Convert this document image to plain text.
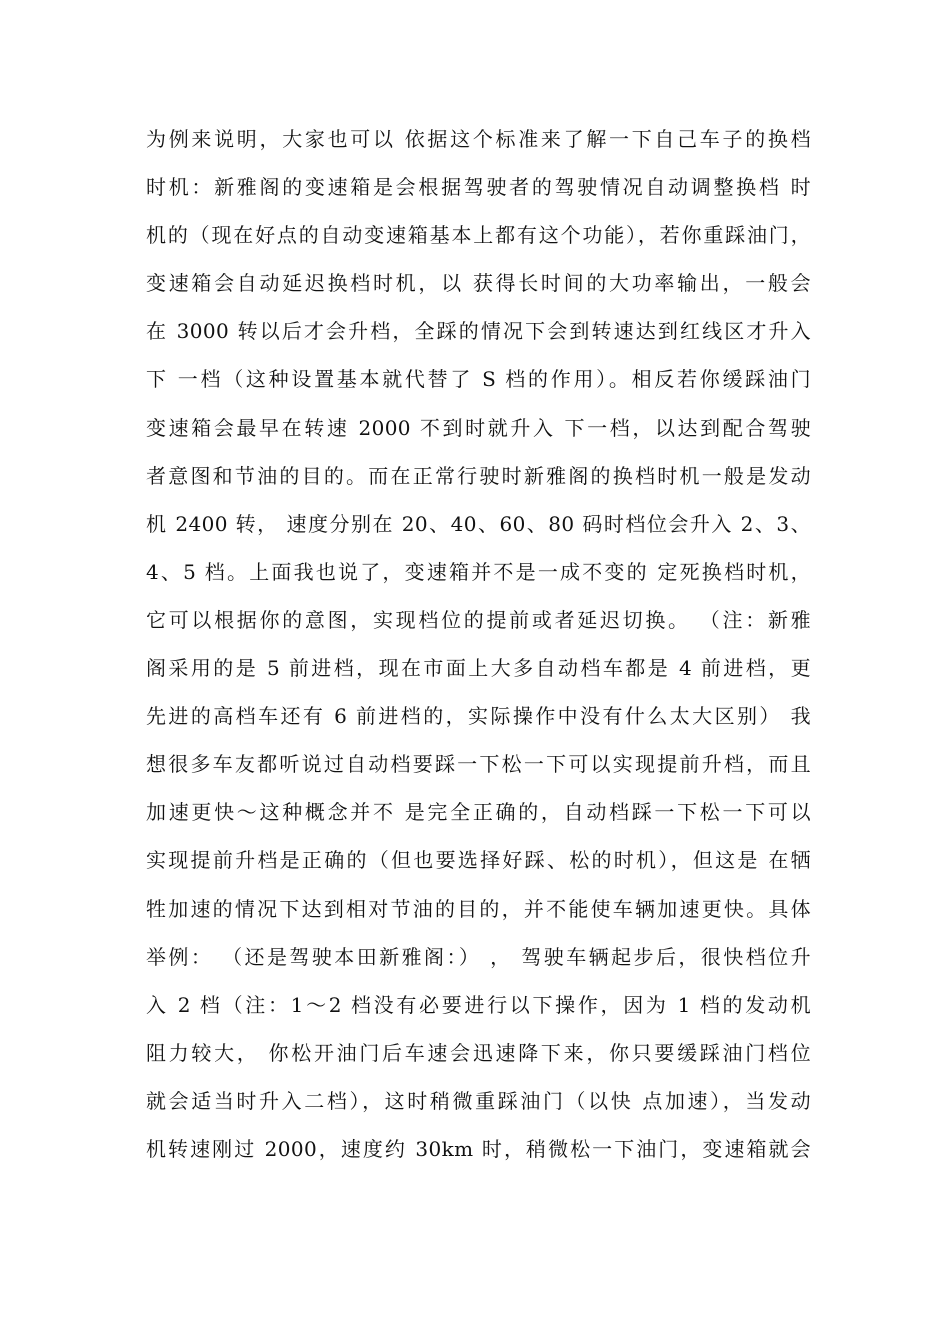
为例来说明，大家也可以 依据这个标准来了解一下自己车子的换档
时机：新雅阁的变速箱是会根据驾驶者的驾驶情况自动调整换档 时
机的（现在好点的自动变速箱基本上都有这个功能），若你重踩油门，
变速箱会自动延迟换档时机，以 获得长时间的大功率输出，一般会
在 3000 转以后才会升档，全踩的情况下会到转速达到红线区才升入
下 一档（这种设置基本就代替了 S 档的作用）。相反若你缓踩油门
变速箱会最早在转速 2000 不到时就升入 下一档，以达到配合驾驶
者意图和节油的目的。而在正常行驶时新雅阁的换档时机一般是发动
机 2400 转， 速度分别在 20、40、60、80 码时档位会升入 2、3、
4、5 档。上面我也说了，变速箱并不是一成不变的 定死换档时机，
它可以根据你的意图，实现档位的提前或者延迟切换。 （注：新雅
阁采用的是 5 前进档，现在市面上大多自动档车都是 4 前进档，更
先进的高档车还有 6 前进档的，实际操作中没有什么太大区别） 我
想很多车友都听说过自动档要踩一下松一下可以实现提前升档，而且
加速更快～这种概念并不 是完全正确的，自动档踩一下松一下可以
实现提前升档是正确的（但也要选择好踩、松的时机），但这是 在牺
牲加速的情况下达到相对节油的目的，并不能使车辆加速更快。具体
举例： （还是驾驶本田新雅阁：） ， 驾驶车辆起步后，很快档位升
入 2 档（注：1～2 档没有必要进行以下操作，因为 1 档的发动机
阻力较大， 你松开油门后车速会迅速降下来，你只要缓踩油门档位
就会适当时升入二档），这时稍微重踩油门（以快 点加速），当发动
机转速刚过 2000，速度约 30km 时，稍微松一下油门，变速箱就会
